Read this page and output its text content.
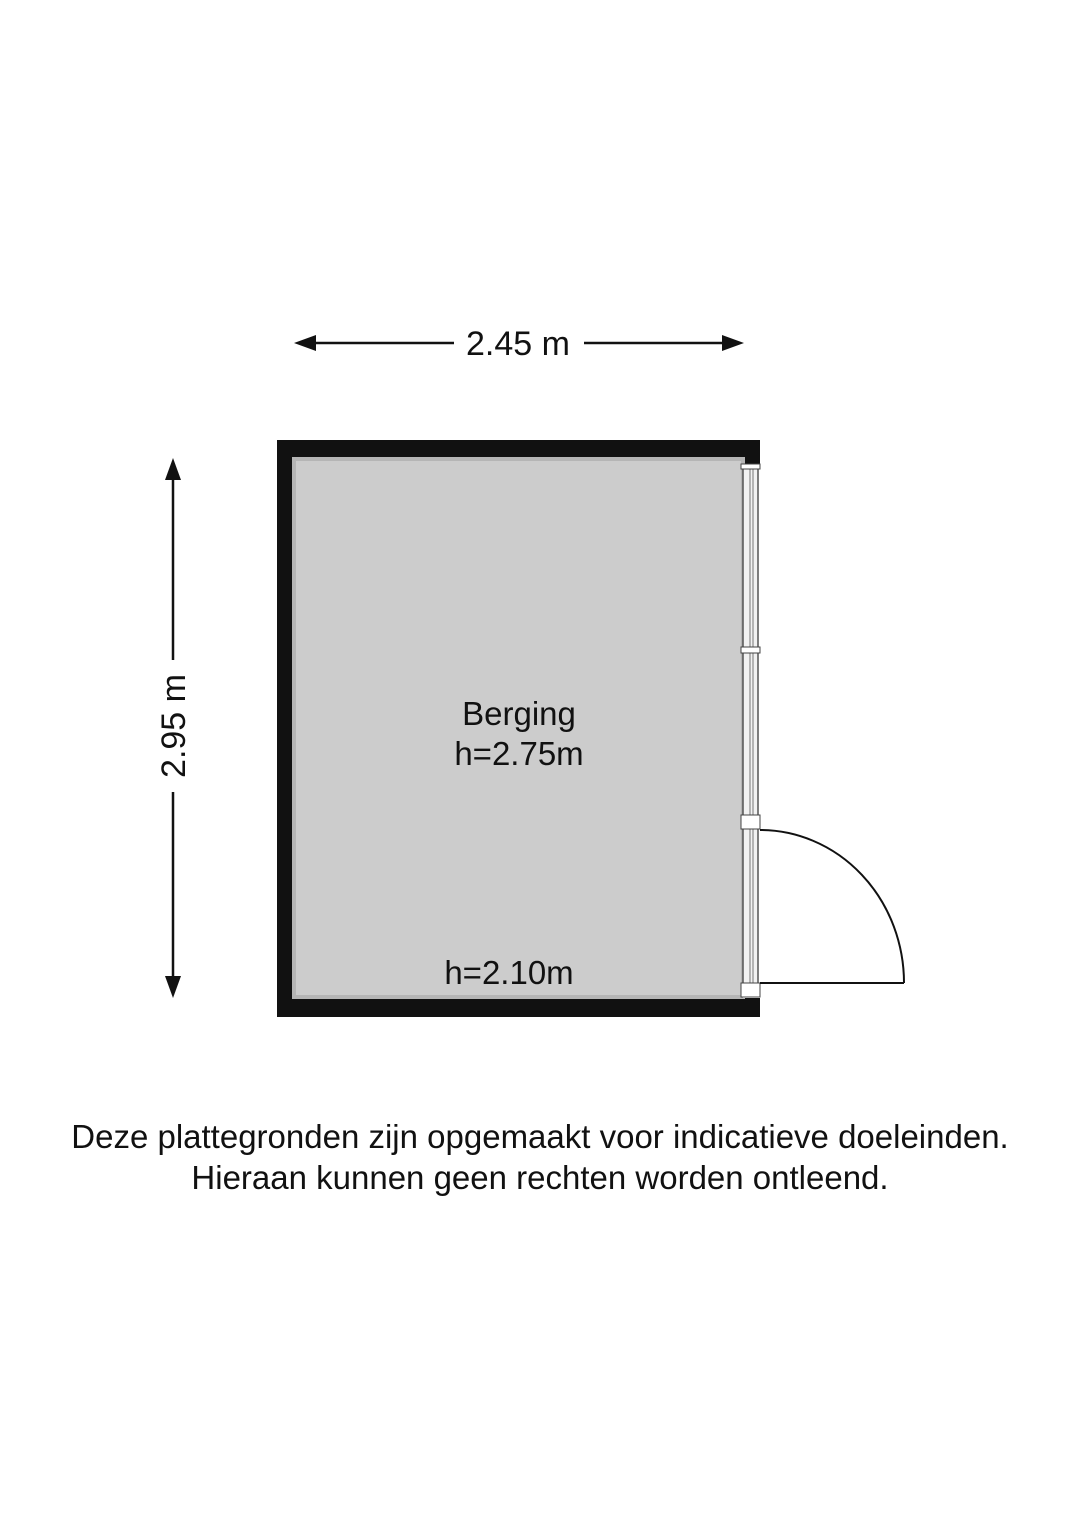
2.45 m
2.95 m	Berging
h=2.75m
h=2.10m
Deze plattegronden zijn opgemaakt voor indicatieve doeleinden.
Hieraan kunnen geen rechten worden ontleend.
